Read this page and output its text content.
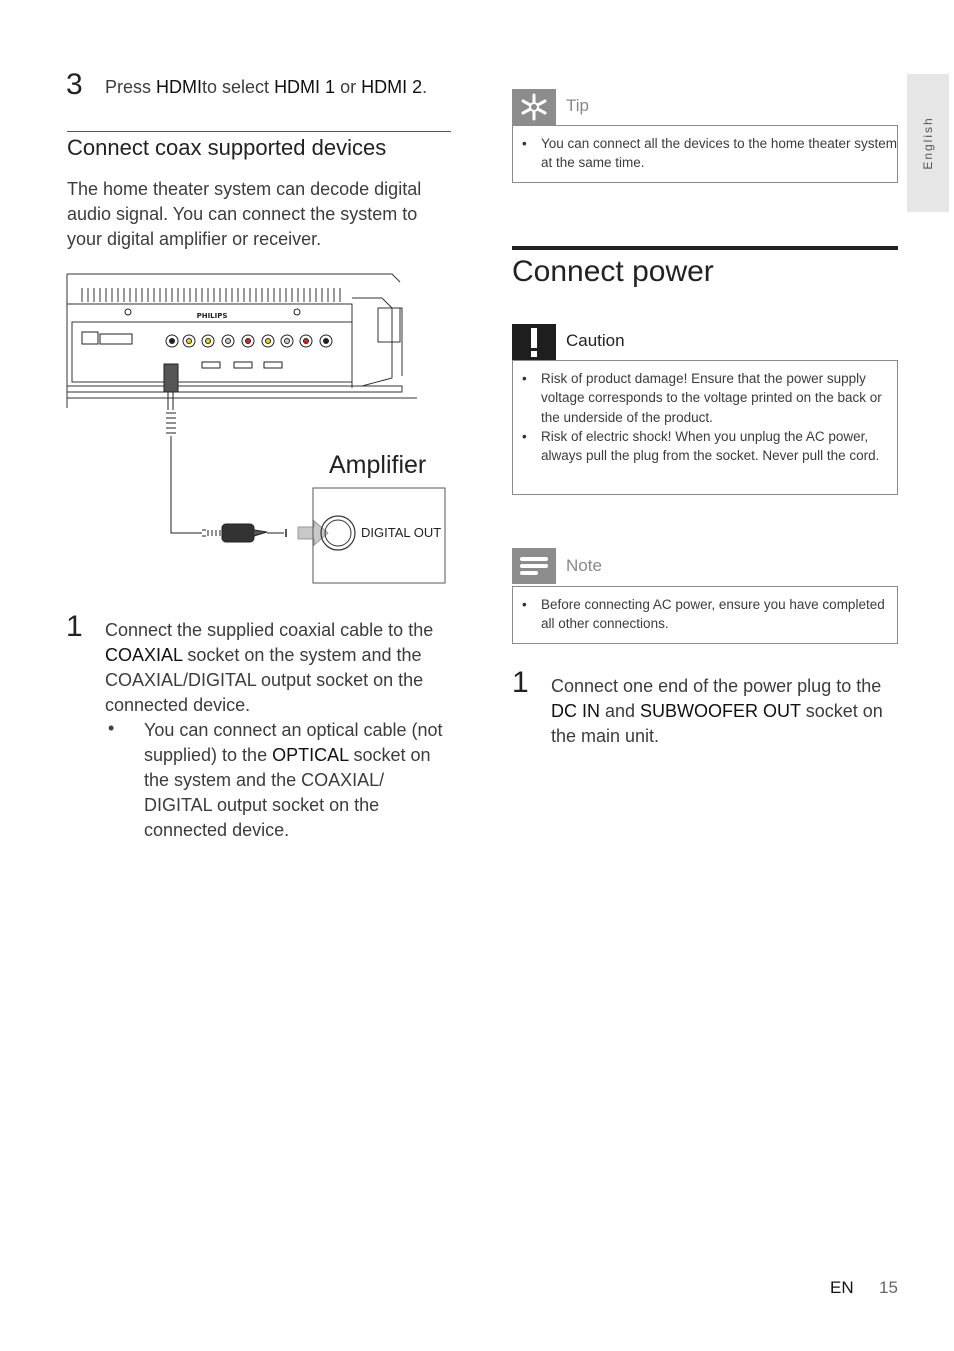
3 Press HDMIto select HDMI 1 or HDMI 2.
Connect coax supported devices
The home theater system can decode digital audio signal. You can connect the system to your digital amplifier or receiver.
PHILIPS
Amplifier
DIGITAL OUT
1 Connect the supplied coaxial cable to the COAXIAL socket on the system and the COAXIAL/DIGITAL output socket on the connected device.
• You can connect an optical cable (not supplied) to the OPTICAL socket on the system and the COAXIAL/ DIGITAL output socket on the connected device.
Tip
• You can connect all the devices to the home theater system at the same time.
Connect power
Caution
• Risk of product damage! Ensure that the power supply voltage corresponds to the voltage printed on the back or the underside of the product.
• Risk of electric shock! When you unplug the AC power, always pull the plug from the socket. Never pull the cord.
Note
• Before connecting AC power, ensure you have completed all other connections.
1 Connect one end of the power plug to the DC IN and SUBWOOFER OUT socket on the main unit.
English
EN 15
